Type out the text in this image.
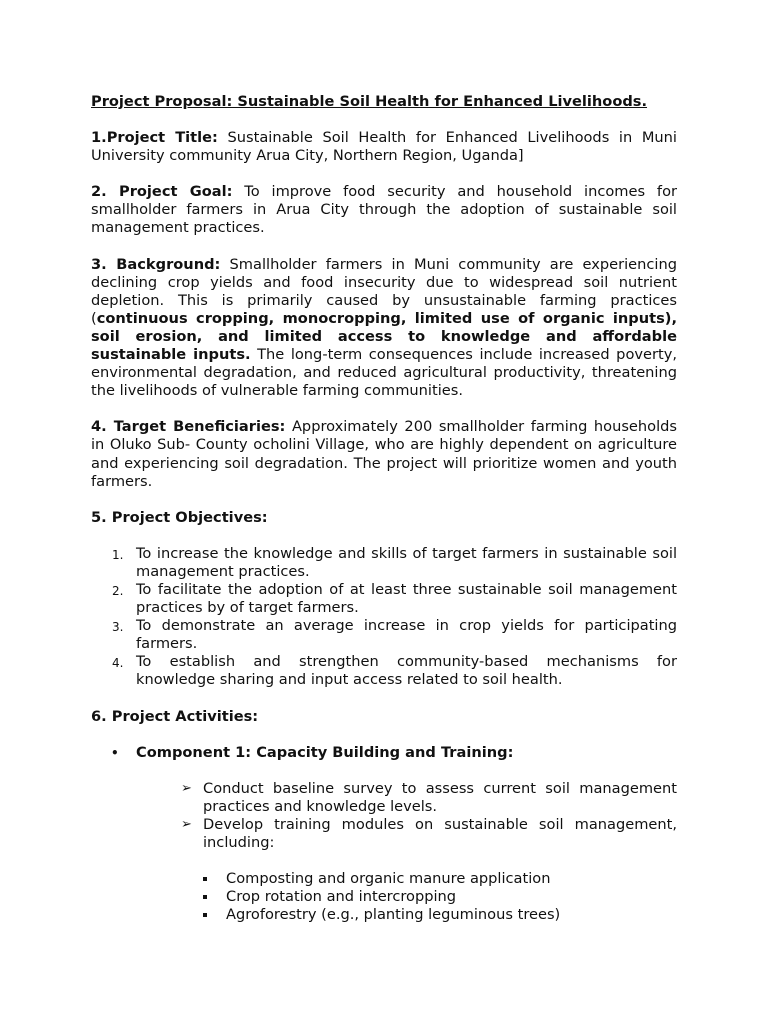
Project Proposal: Sustainable Soil Health for Enhanced Livelihoods.

1.Project Title: Sustainable Soil Health for Enhanced Livelihoods in Muni University community Arua City, Northern Region, Uganda]

2. Project Goal: To improve food security and household incomes for smallholder farmers in Arua City through the adoption of sustainable soil management practices.

3. Background: Smallholder farmers in Muni community are experiencing declining crop yields and food insecurity due to widespread soil nutrient depletion. This is primarily caused by unsustainable farming practices (continuous cropping, monocropping, limited use of organic inputs), soil erosion, and limited access to knowledge and affordable sustainable inputs. The long-term consequences include increased poverty, environmental degradation, and reduced agricultural productivity, threatening the livelihoods of vulnerable farming communities.

4. Target Beneficiaries: Approximately 200 smallholder farming households in Oluko Sub- County ocholini Village, who are highly dependent on agriculture and experiencing soil degradation. The project will prioritize women and youth farmers.

5. Project Objectives:
1. To increase the knowledge and skills of target farmers in sustainable soil management practices.
2. To facilitate the adoption of at least three sustainable soil management practices by of target farmers.
3. To demonstrate an average increase in crop yields for participating farmers.
4. To establish and strengthen community-based mechanisms for knowledge sharing and input access related to soil health.
6. Project Activities:
• Component 1: Capacity Building and Training:
➢ Conduct baseline survey to assess current soil management practices and knowledge levels.
➢ Develop training modules on sustainable soil management, including:
Composting and organic manure application
Crop rotation and intercropping
Agroforestry (e.g., planting leguminous trees)
